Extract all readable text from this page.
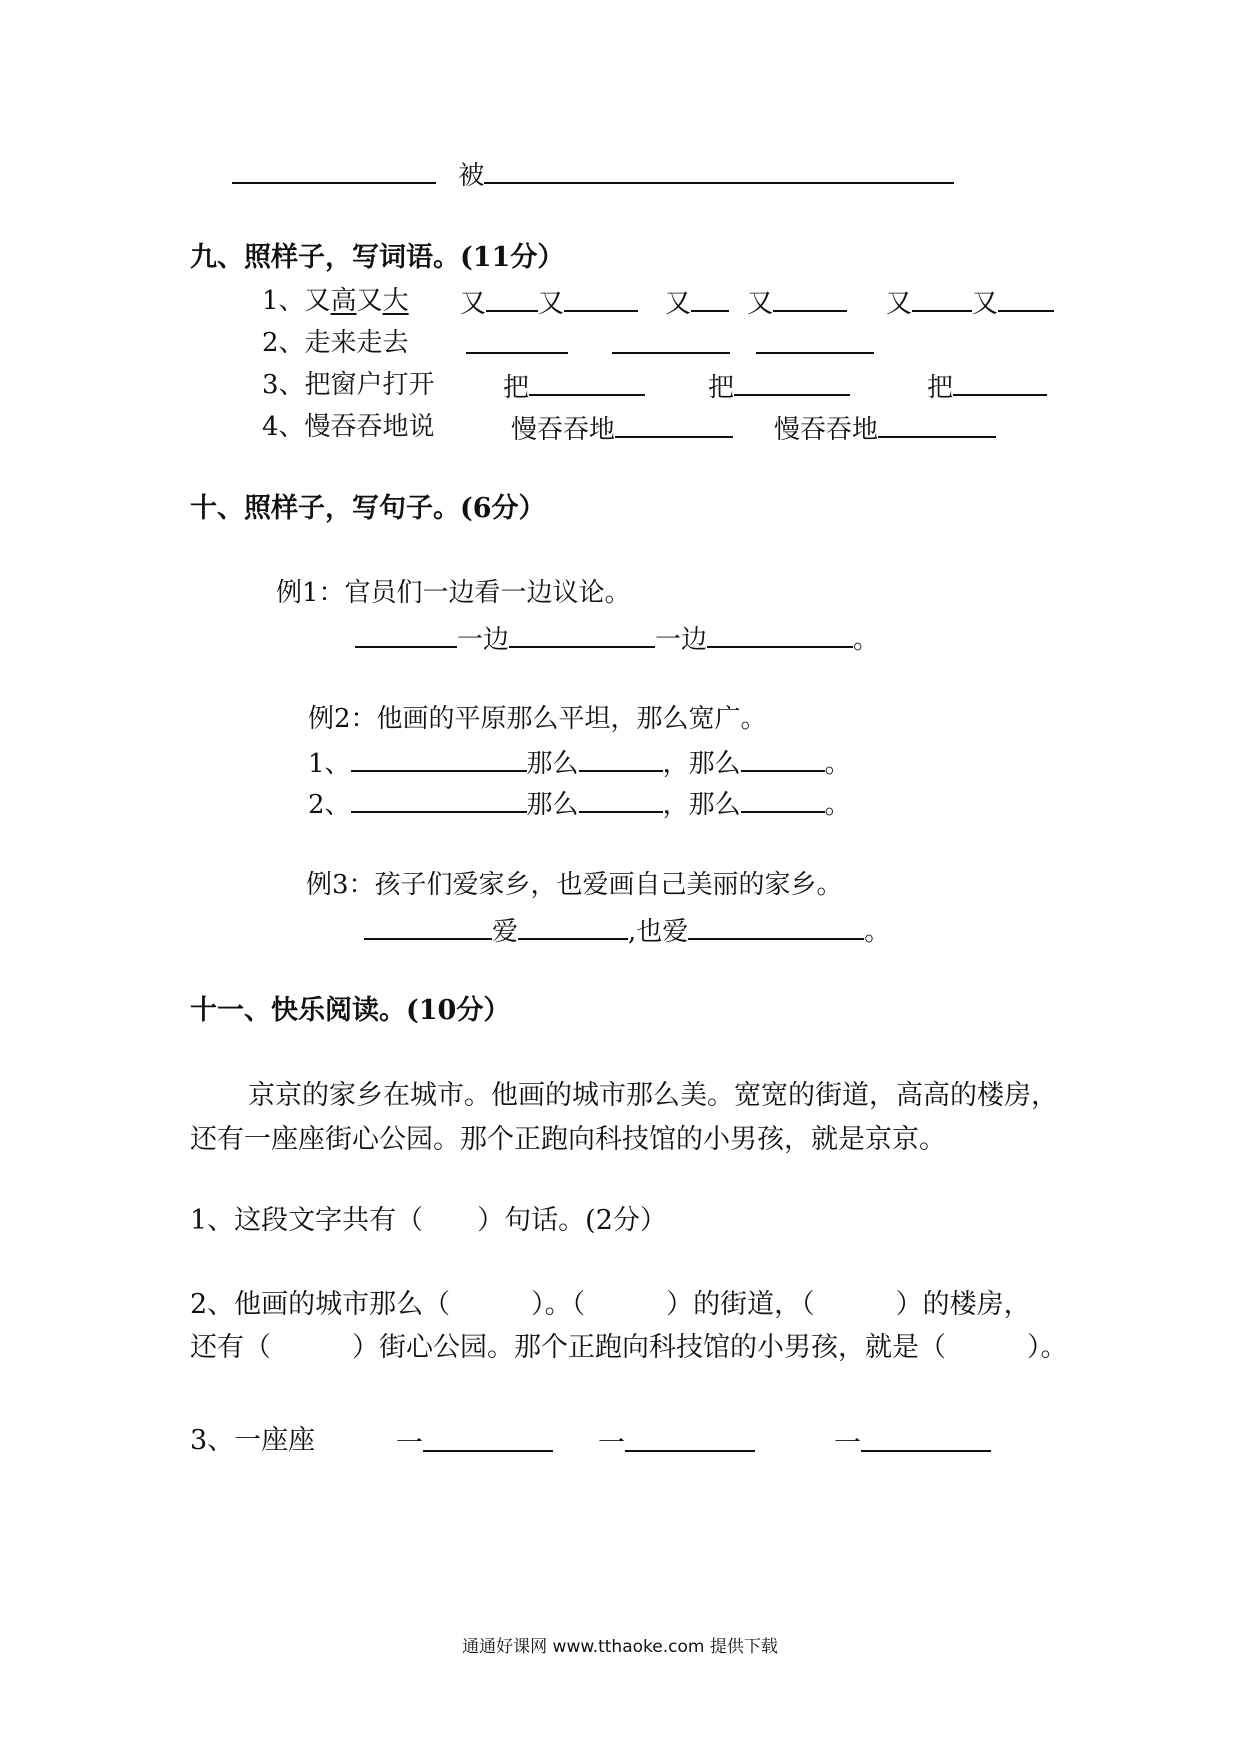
被
九、照样子，写词语。(11分）
1、又高又大 又 又	又 又	又 又
2、走来走去
3、把窗户打开	把	把	把
4、慢吞吞地说	慢吞吞地	慢吞吞地
十、照样子，写句子。(6分）
例1：官员们一边看一边议论。
一边	一边	。
例2：他画的平原那么平坦，那么宽广。
1、	那么	，那么	。
2、	那么	，那么	。
例3：孩子们爱家乡，也爱画自己美丽的家乡。
爱	,也爱	。
十一、快乐阅读。(10分）
京京的家乡在城市。他画的城市那么美。宽宽的街道，高高的楼房，还有一座座街心公园。那个正跑向科技馆的小男孩，就是京京。
1、这段文字共有（　　）句话。(2分）
2、他画的城市那么（　　　）。（　　　）的街道，（　　　）的楼房，
还有（　　　）街心公园。那个正跑向科技馆的小男孩，就是（　　　）。
3、一座座	一	一	一
通通好课网 www.tthaoke.com 提供下载
